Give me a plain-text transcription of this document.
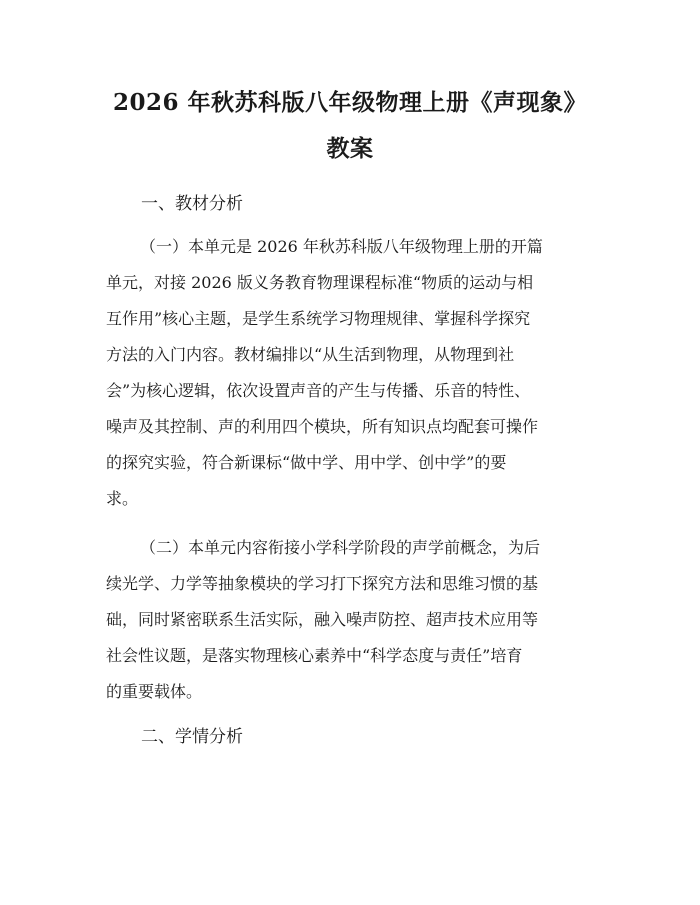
2026 年秋苏科版八年级物理上册《声现象》
教案
一、教材分析
（一）本单元是 2026 年秋苏科版八年级物理上册的开篇
单元，对接 2026 版义务教育物理课程标准“物质的运动与相
互作用”核心主题，是学生系统学习物理规律、掌握科学探究
方法的入门内容。教材编排以“从生活到物理，从物理到社
会”为核心逻辑，依次设置声音的产生与传播、乐音的特性、
噪声及其控制、声的利用四个模块，所有知识点均配套可操作
的探究实验，符合新课标“做中学、用中学、创中学”的要
求。
（二）本单元内容衔接小学科学阶段的声学前概念，为后
续光学、力学等抽象模块的学习打下探究方法和思维习惯的基
础，同时紧密联系生活实际，融入噪声防控、超声技术应用等
社会性议题，是落实物理核心素养中“科学态度与责任”培育
的重要载体。
二、学情分析
